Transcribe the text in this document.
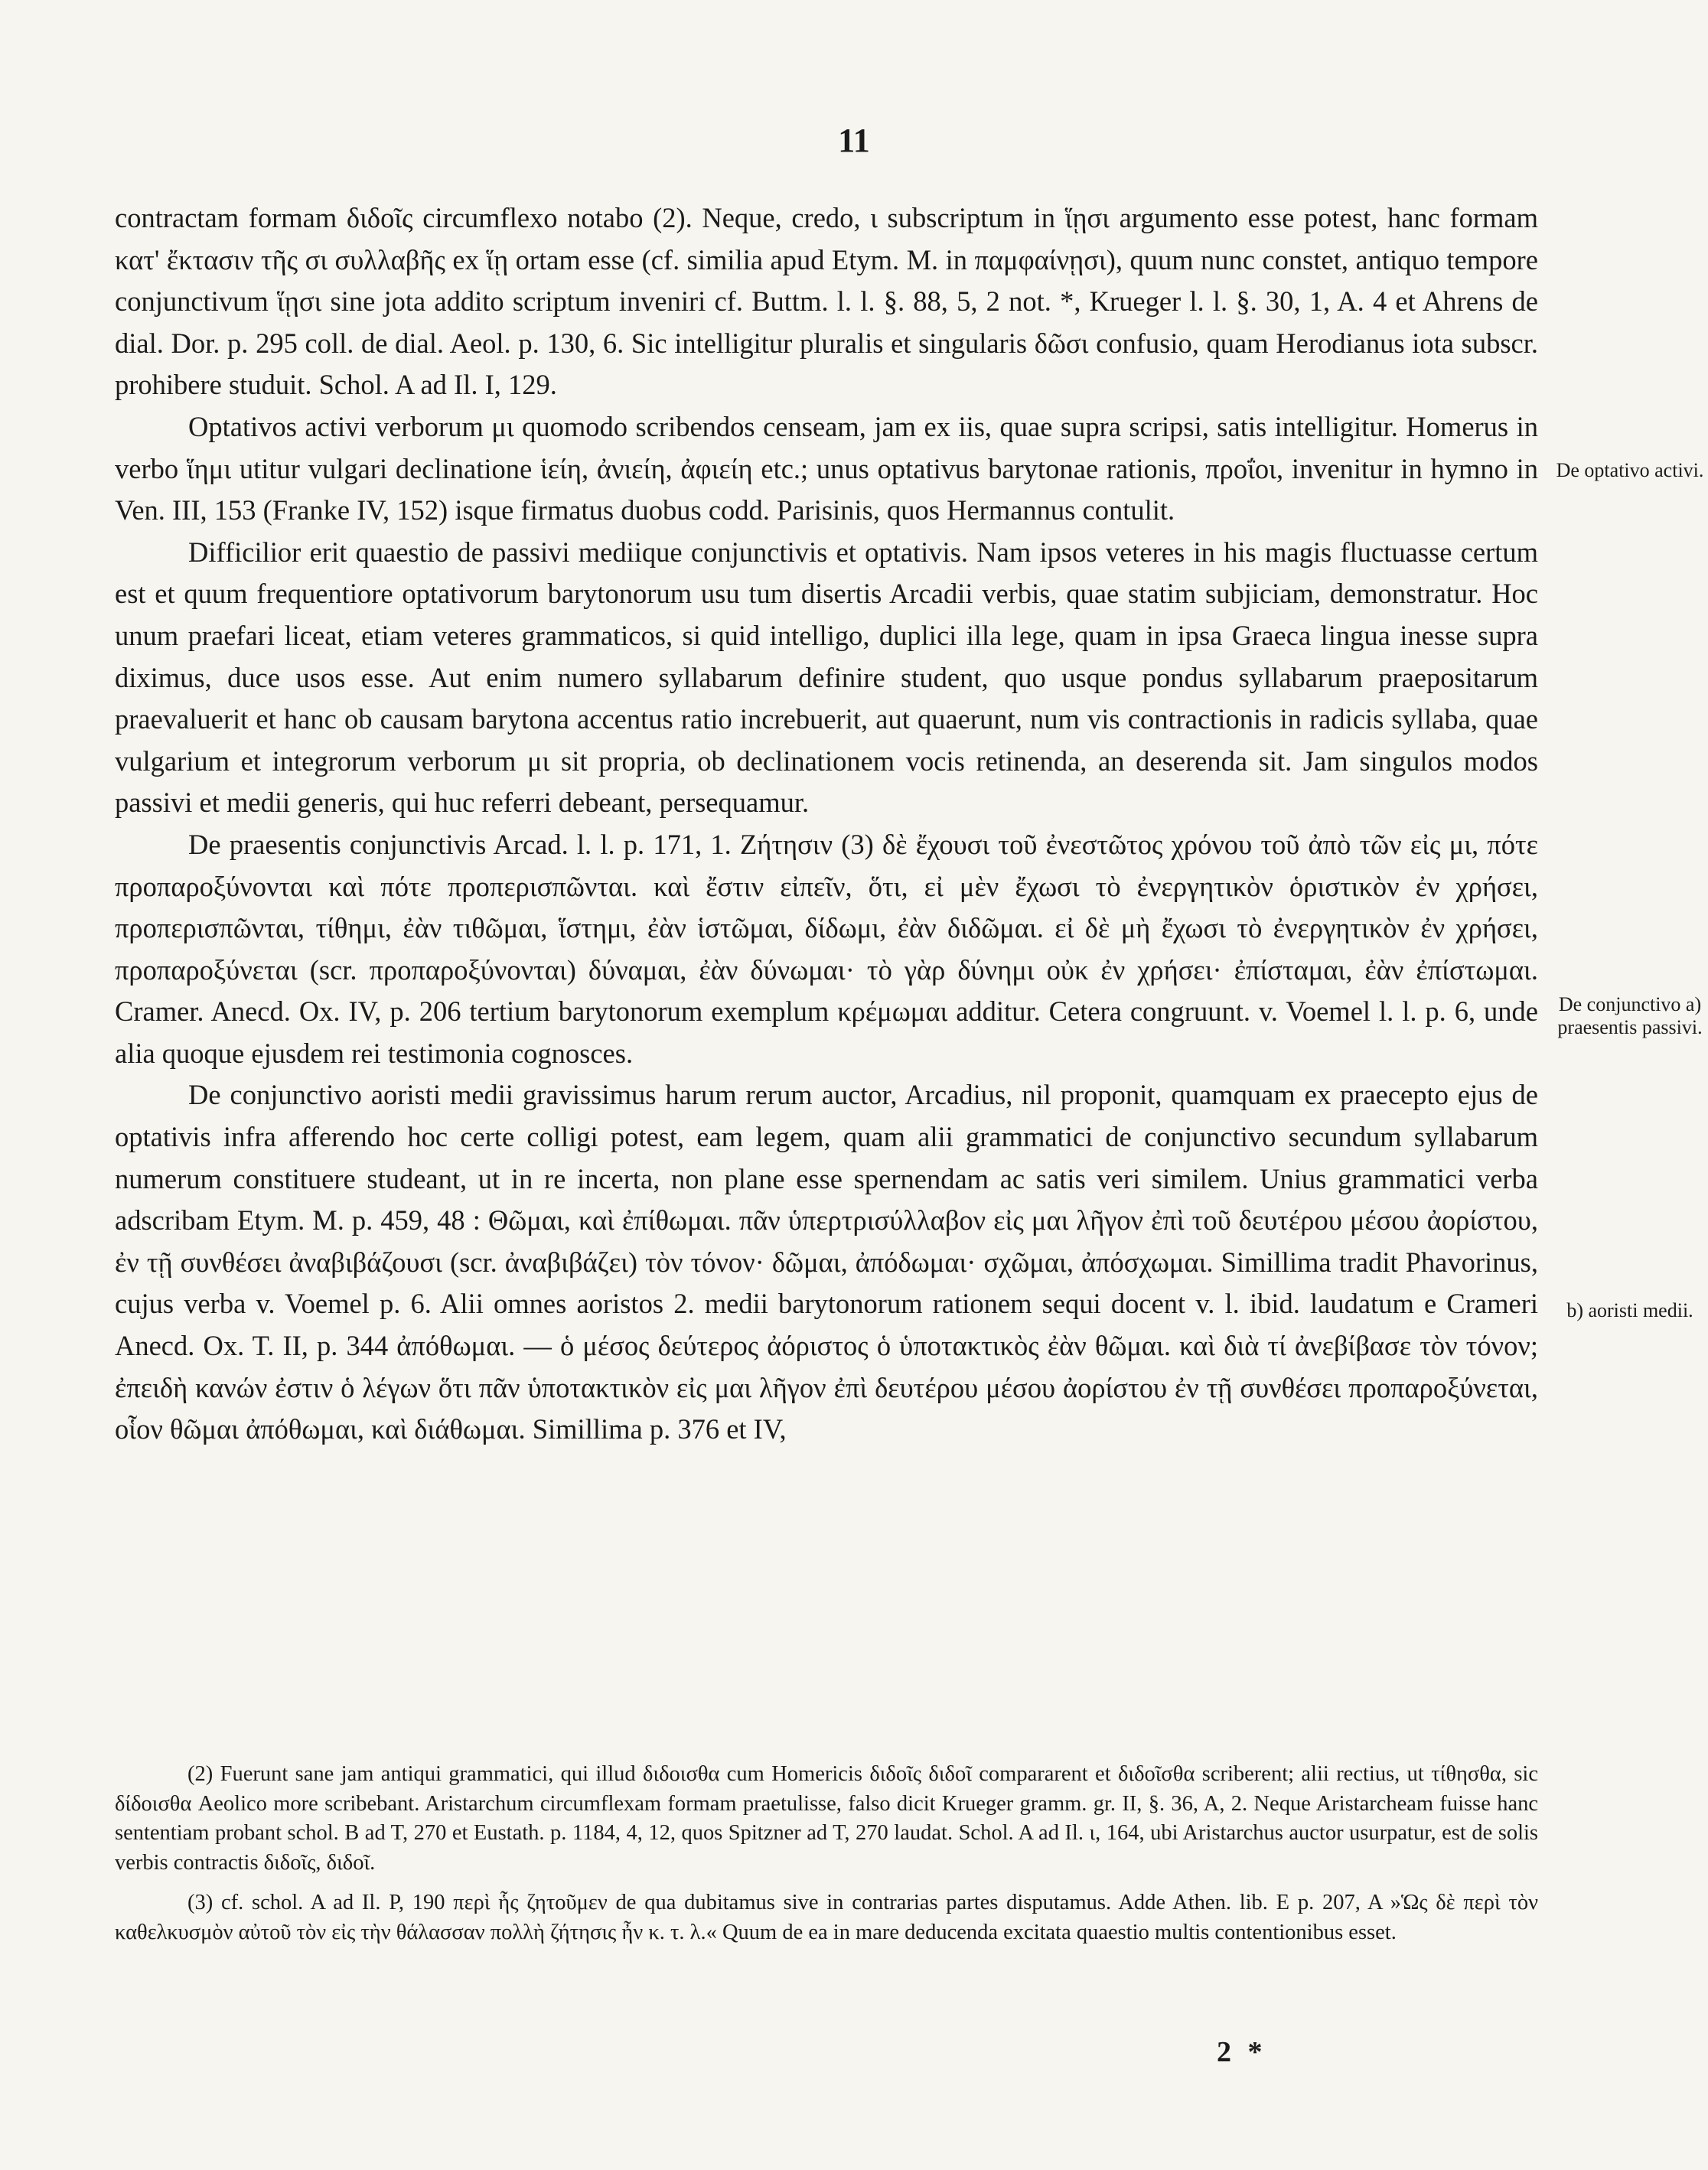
11

contractam formam διδοῖς circumflexo notabo (2). Neque, credo, ι subscriptum in ἵῃσι argumento esse potest, hanc formam κατ' ἔκτασιν τῆς σι συλλαβῆς ex ἵῃ ortam esse (cf. similia apud Etym. M. in παμφαίνῃσι), quum nunc constet, antiquo tempore conjunctivum ἵῃσι sine jota addito scriptum inveniri cf. Buttm. l. l. §. 88, 5, 2 not. *, Krueger l. l. §. 30, 1, A. 4 et Ahrens de dial. Dor. p. 295 coll. de dial. Aeol. p. 130, 6. Sic intelligitur pluralis et singularis δῶσι confusio, quam Herodianus iota subscr. prohibere studuit. Schol. A ad Il. I, 129.

Optativos activi verborum μι quomodo scribendos censeam, jam ex iis, quae supra scripsi, satis intelligitur. Homerus in verbo ἵημι utitur vulgari declinatione ἱείη, ἀνιείη, ἀφιείη etc.; unus optativus barytonae rationis, προΐοι, invenitur in hymno in Ven. III, 153 (Franke IV, 152) isque firmatus duobus codd. Parisinis, quos Hermannus contulit.

Difficilior erit quaestio de passivi mediique conjunctivis et optativis. Nam ipsos veteres in his magis fluctuasse certum est et quum frequentiore optativorum barytonorum usu tum disertis Arcadii verbis, quae statim subjiciam, demonstratur. Hoc unum praefari liceat, etiam veteres grammaticos, si quid intelligo, duplici illa lege, quam in ipsa Graeca lingua inesse supra diximus, duce usos esse. Aut enim numero syllabarum definire student, quo usque pondus syllabarum praepositarum praevaluerit et hanc ob causam barytona accentus ratio increbuerit, aut quaerunt, num vis contractionis in radicis syllaba, quae vulgarium et integrorum verborum μι sit propria, ob declinationem vocis retinenda, an deserenda sit. Jam singulos modos passivi et medii generis, qui huc referri debeant, persequamur.

De praesentis conjunctivis Arcad. l. l. p. 171, 1. Ζήτησιν (3) δὲ ἔχουσι τοῦ ἐνεστῶτος χρόνου τοῦ ἀπὸ τῶν εἰς μι, πότε προπαροξύνονται καὶ πότε προπερισπῶνται. καὶ ἔστιν εἰπεῖν, ὅτι, εἰ μὲν ἔχωσι τὸ ἐνεργητικὸν ὁριστικὸν ἐν χρήσει, προπερισπῶνται, τίθημι, ἐὰν τιθῶμαι, ἵστημι, ἐὰν ἱστῶμαι, δίδωμι, ἐὰν διδῶμαι. εἰ δὲ μὴ ἔχωσι τὸ ἐνεργητικὸν ἐν χρήσει, προπαροξύνεται (scr. προπαροξύνονται) δύναμαι, ἐὰν δύνωμαι· τὸ γὰρ δύνημι οὐκ ἐν χρήσει· ἐπίσταμαι, ἐὰν ἐπίστωμαι. Cramer. Anecd. Ox. IV, p. 206 tertium barytonorum exemplum κρέμωμαι additur. Cetera congruunt. v. Voemel l. l. p. 6, unde alia quoque ejusdem rei testimonia cognosces.

De conjunctivo aoristi medii gravissimus harum rerum auctor, Arcadius, nil proponit, quamquam ex praecepto ejus de optativis infra afferendo hoc certe colligi potest, eam legem, quam alii grammatici de conjunctivo secundum syllabarum numerum constituere studeant, ut in re incerta, non plane esse spernendam ac satis veri similem. Unius grammatici verba adscribam Etym. M. p. 459, 48 : Θῶμαι, καὶ ἐπίθωμαι. πᾶν ὑπερτρισύλλαβον εἰς μαι λῆγον ἐπὶ τοῦ δευτέρου μέσου ἀορίστου, ἐν τῇ συνθέσει ἀναβιβάζουσι (scr. ἀναβιβάζει) τὸν τόνον· δῶμαι, ἀπόδωμαι· σχῶμαι, ἀπόσχωμαι. Simillima tradit Phavorinus, cujus verba v. Voemel p. 6. Alii omnes aoristos 2. medii barytonorum rationem sequi docent v. l. ibid. laudatum e Crameri Anecd. Ox. T. II, p. 344 ἀπόθωμαι. — ὁ μέσος δεύτερος ἀόριστος ὁ ὑποτακτικὸς ἐὰν θῶμαι. καὶ διὰ τί ἀνεβίβασε τὸν τόνον; ἐπειδὴ κανών ἐστιν ὁ λέγων ὅτι πᾶν ὑποτακτικὸν εἰς μαι λῆγον ἐπὶ δευτέρου μέσου ἀορίστου ἐν τῇ συνθέσει προπαροξύνεται, οἷον θῶμαι ἀπόθωμαι, καὶ διάθωμαι. Simillima p. 376 et IV,

De optativo activi.
De conjunctivo a) praesentis passivi.
b) aoristi medii.

(2) Fuerunt sane jam antiqui grammatici, qui illud διδοισθα cum Homericis διδοῖς διδοῖ compararent et διδοῖσθα scriberent; alii rectius, ut τίθησθα, sic δίδοισθα Aeolico more scribebant. Aristarchum circumflexam formam praetulisse, falso dicit Krueger gramm. gr. II, §. 36, A, 2. Neque Aristarcheam fuisse hanc sententiam probant schol. B ad T, 270 et Eustath. p. 1184, 4, 12, quos Spitzner ad T, 270 laudat. Schol. A ad Il. ι, 164, ubi Aristarchus auctor usurpatur, est de solis verbis contractis διδοῖς, διδοῖ.

(3) cf. schol. A ad Il. P, 190 περὶ ἧς ζητοῦμεν de qua dubitamus sive in contrarias partes disputamus. Adde Athen. lib. E p. 207, A »Ὡς δὲ περὶ τὸν καθελκυσμὸν αὐτοῦ τὸν εἰς τὴν θάλασσαν πολλὴ ζήτησις ἦν κ. τ. λ.« Quum de ea in mare deducenda excitata quaestio multis contentionibus esset.

2 *
